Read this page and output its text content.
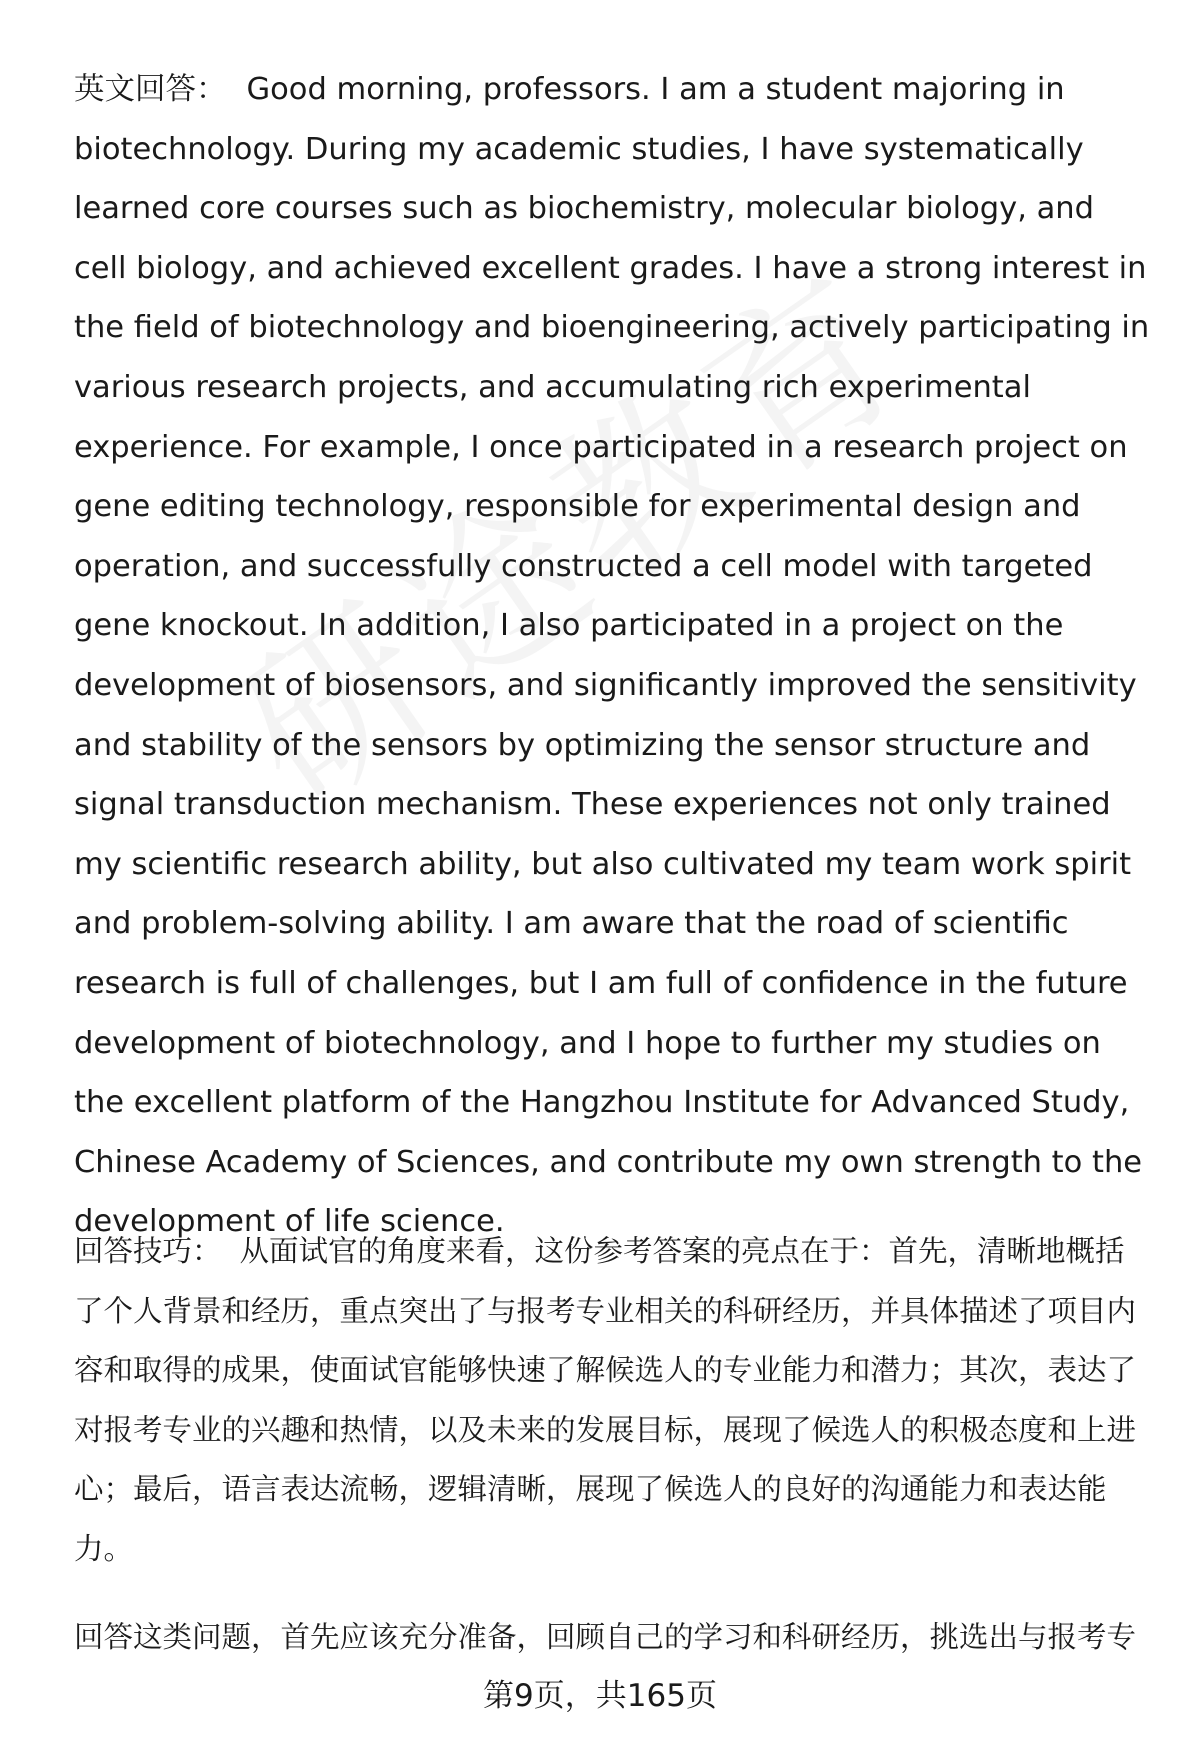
英文回答： Good morning, professors. I am a student majoring in biotechnology. During my academic studies, I have systematically learned core courses such as biochemistry, molecular biology, and cell biology, and achieved excellent grades. I have a strong interest in the field of biotechnology and bioengineering, actively participating in various research projects, and accumulating rich experimental experience. For example, I once participated in a research project on gene editing technology, responsible for experimental design and operation, and successfully constructed a cell model with targeted gene knockout. In addition, I also participated in a project on the development of biosensors, and significantly improved the sensitivity and stability of the sensors by optimizing the sensor structure and signal transduction mechanism. These experiences not only trained my scientific research ability, but also cultivated my team work spirit and problem-solving ability. I am aware that the road of scientific research is full of challenges, but I am full of confidence in the future development of biotechnology, and I hope to further my studies on the excellent platform of the Hangzhou Institute for Advanced Study, Chinese Academy of Sciences, and contribute my own strength to the development of life science.

回答技巧： 从面试官的角度来看，这份参考答案的亮点在于：首先，清晰地概括了个人背景和经历，重点突出了与报考专业相关的科研经历，并具体描述了项目内容和取得的成果，使面试官能够快速了解候选人的专业能力和潜力；其次，表达了对报考专业的兴趣和热情，以及未来的发展目标，展现了候选人的积极态度和上进心；最后，语言表达流畅，逻辑清晰，展现了候选人的良好的沟通能力和表达能力。

回答这类问题，首先应该充分准备，回顾自己的学习和科研经历，挑选出与报考专

第9页，共165页
